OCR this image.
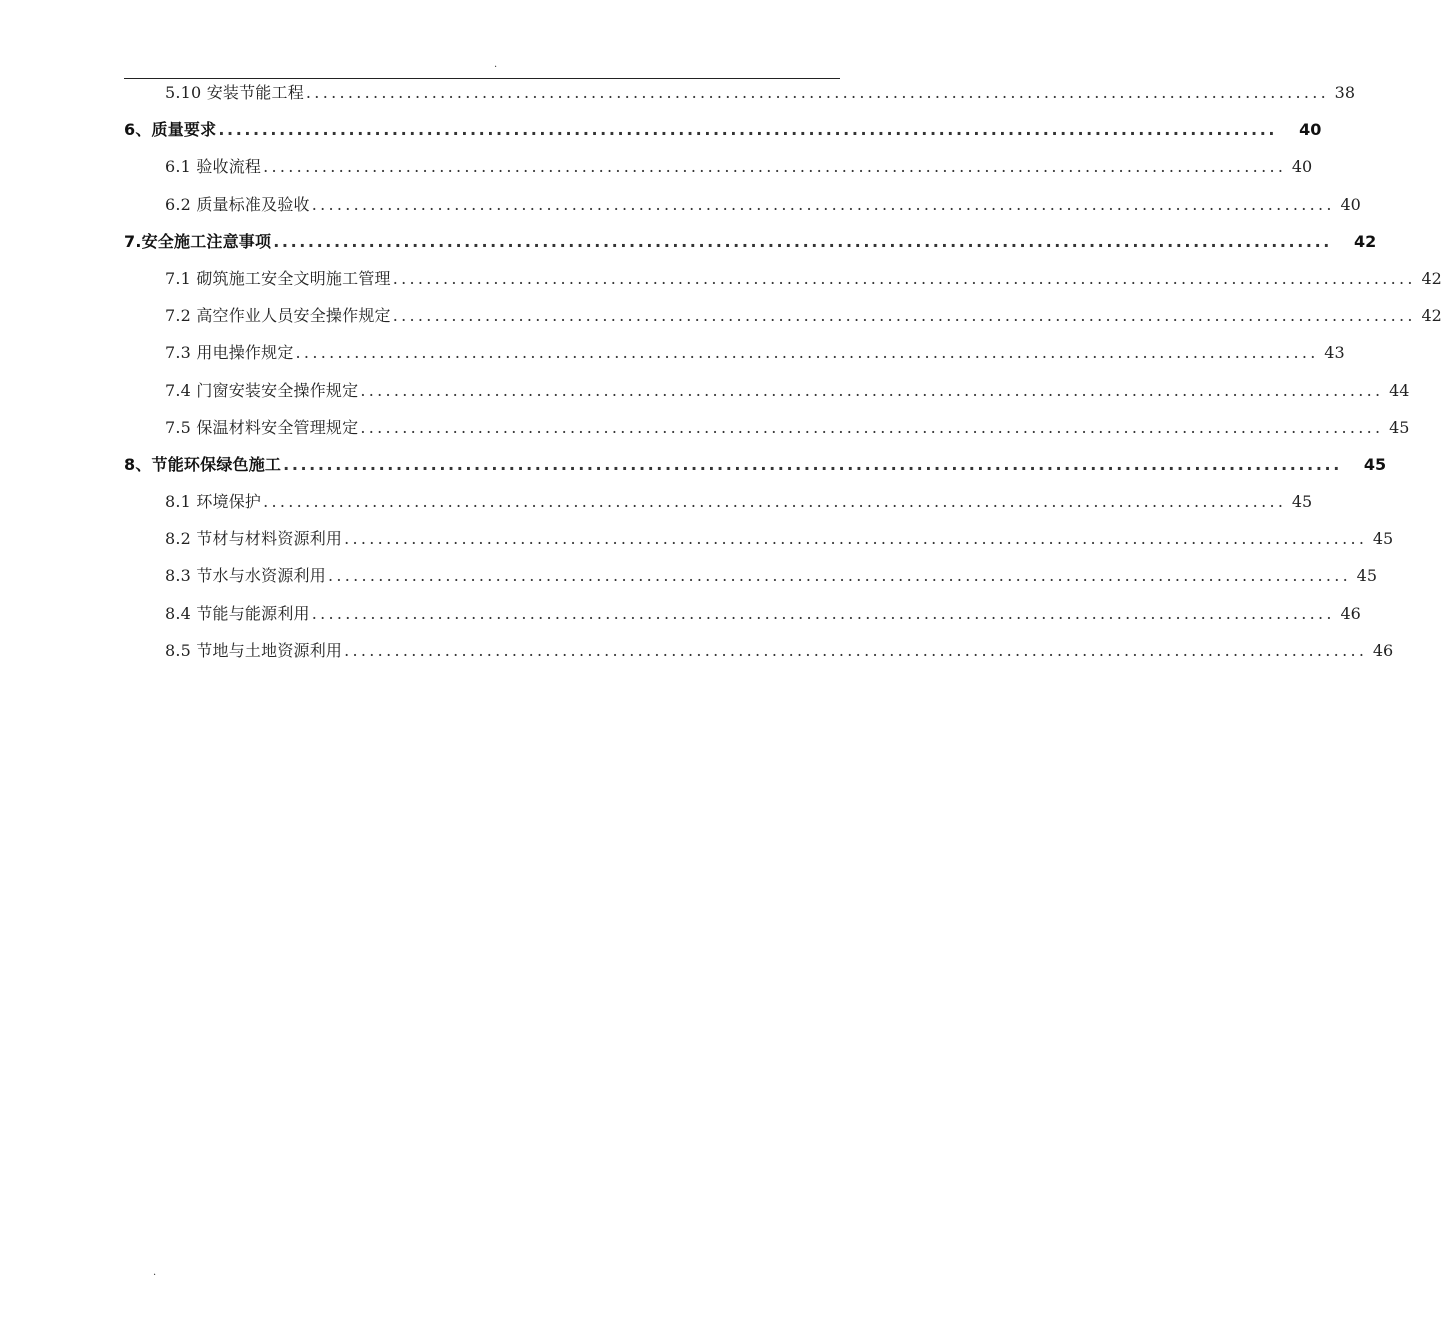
.
5.10 安装节能工程 .......................................................................................................................... 38
6、质量要求 .......................................................................................................................... 40
6.1 验收流程 .......................................................................................................................... 40
6.2 质量标准及验收 .......................................................................................................................... 40
7.安全施工注意事项 .......................................................................................................................... 42
7.1 砌筑施工安全文明施工管理 .......................................................................................................................... 42
7.2 高空作业人员安全操作规定 .......................................................................................................................... 42
7.3 用电操作规定 .......................................................................................................................... 43
7.4 门窗安装安全操作规定 .......................................................................................................................... 44
7.5 保温材料安全管理规定 .......................................................................................................................... 45
8、节能环保绿色施工 .......................................................................................................................... 45
8.1 环境保护 .......................................................................................................................... 45
8.2 节材与材料资源利用 .......................................................................................................................... 45
8.3 节水与水资源利用 .......................................................................................................................... 45
8.4 节能与能源利用 .......................................................................................................................... 46
8.5 节地与土地资源利用 .......................................................................................................................... 46
.
